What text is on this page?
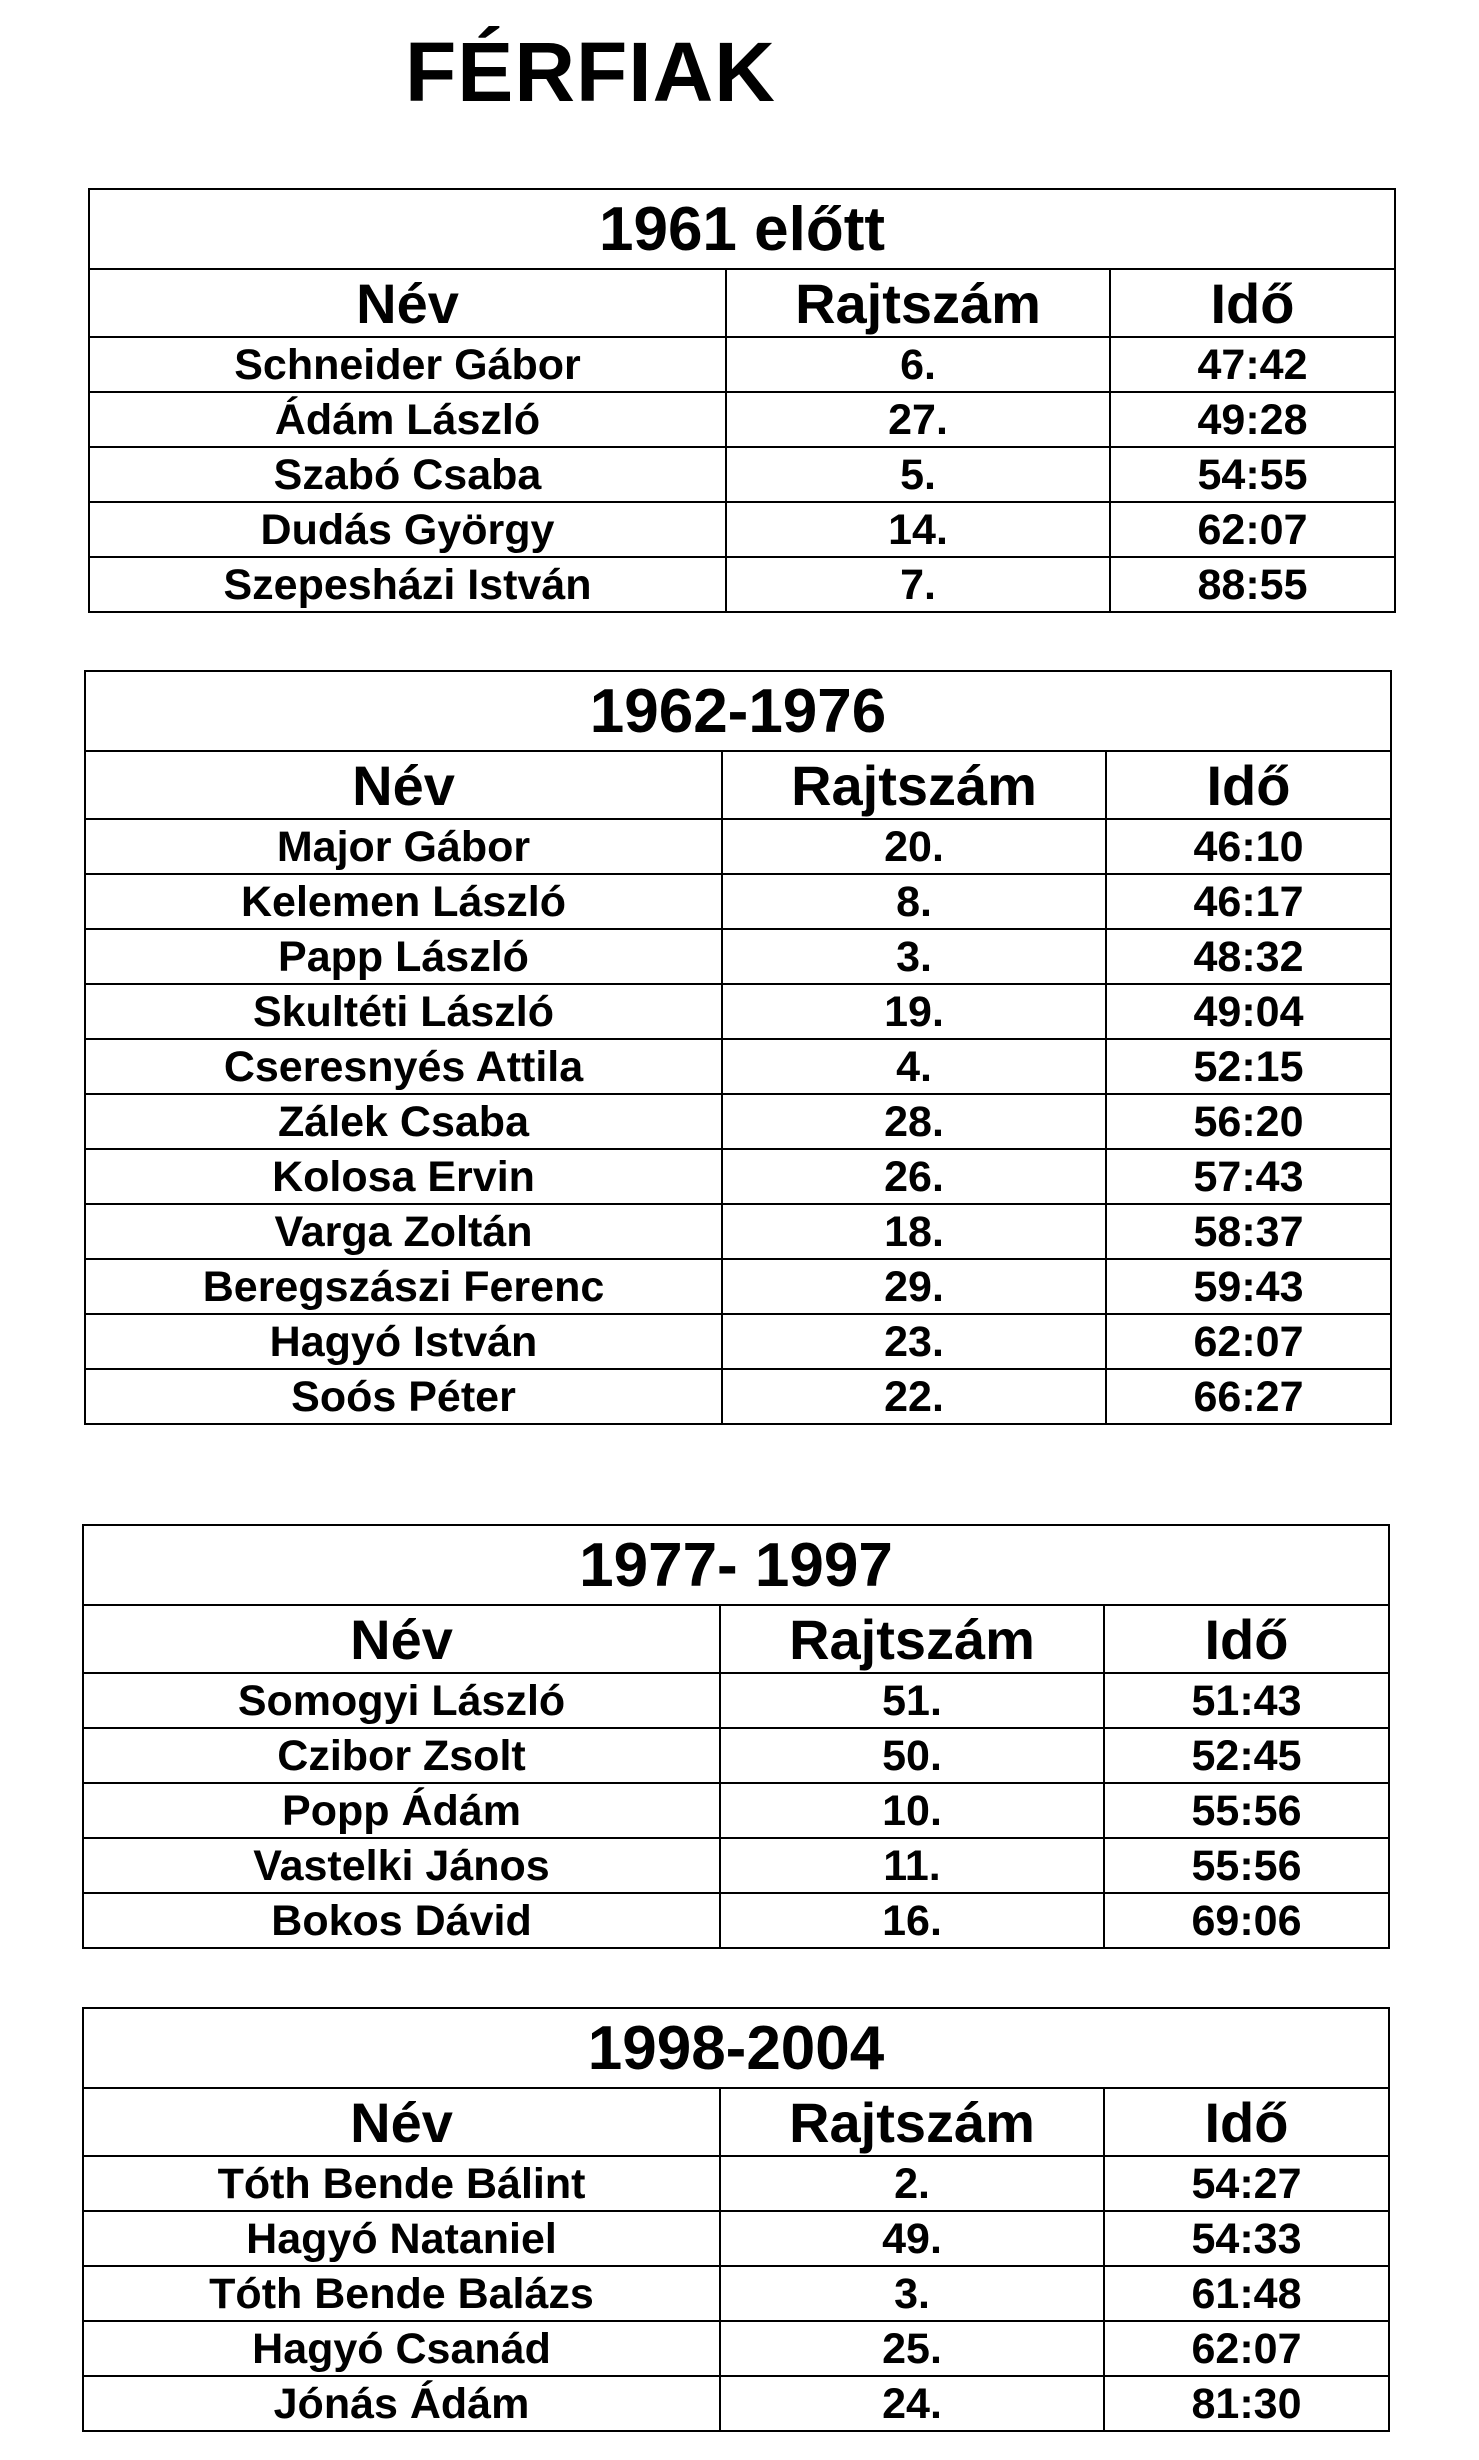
FÉRFIAK
1961 előtt		
Név	Rajtszám	Idő
Schneider Gábor	6.	47:42
Ádám László	27.	49:28
Szabó Csaba	5.	54:55
Dudás György	14.	62:07
Szepesházi István	7.	88:55
1962-1976		
Név	Rajtszám	Idő
Major Gábor	20.	46:10
Kelemen László	8.	46:17
Papp László	3.	48:32
Skultéti László	19.	49:04
Cseresnyés Attila	4.	52:15
Zálek Csaba	28.	56:20
Kolosa Ervin	26.	57:43
Varga Zoltán	18.	58:37
Beregszászi Ferenc	29.	59:43
Hagyó István	23.	62:07
Soós Péter	22.	66:27
1977- 1997		
Név	Rajtszám	Idő
Somogyi László	51.	51:43
Czibor Zsolt	50.	52:45
Popp Ádám	10.	55:56
Vastelki János	11.	55:56
Bokos Dávid	16.	69:06
1998-2004		
Név	Rajtszám	Idő
Tóth Bende Bálint	2.	54:27
Hagyó Nataniel	49.	54:33
Tóth Bende Balázs	3.	61:48
Hagyó Csanád	25.	62:07
Jónás Ádám	24.	81:30
